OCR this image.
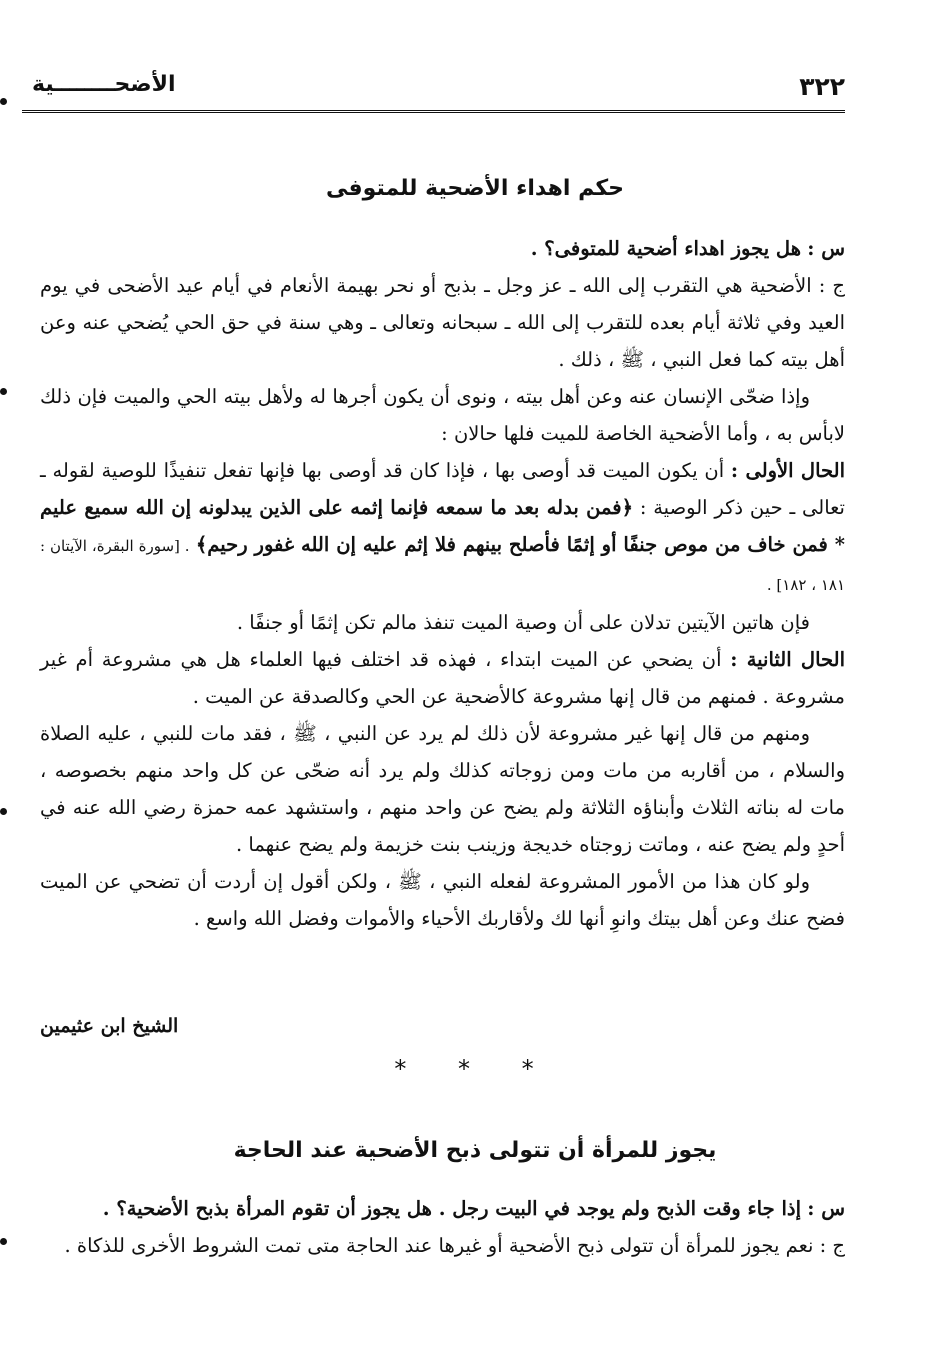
٣٢٢
الأضحــــــــية
حكم اهداء الأضحية للمتوفى

س : هل يجوز اهداء أضحية للمتوفى؟ .

ج : الأضحية هي التقرب إلى الله ـ عز وجل ـ بذبح أو نحر بهيمة الأنعام في أيام عيد الأضحى في يوم العيد وفي ثلاثة أيام بعده للتقرب إلى الله ـ سبحانه وتعالى ـ وهي سنة في حق الحي يُضحي عنه وعن أهل بيته كما فعل النبي ، ﷺ ، ذلك .

وإذا ضحّى الإنسان عنه وعن أهل بيته ، ونوى أن يكون أجرها له ولأهل بيته الحي والميت فإن ذلك لابأس به ، وأما الأضحية الخاصة للميت فلها حالان :

الحال الأولى : أن يكون الميت قد أوصى بها ، فإذا كان قد أوصى بها فإنها تفعل تنفيذًا للوصية لقوله ـ تعالى ـ حين ذكر الوصية : ﴿فمن بدله بعد ما سمعه فإنما إثمه على الذين يبدلونه إن الله سميع عليم * فمن خاف من موص جنفًا أو إثمًا فأصلح بينهم فلا إثم عليه إن الله غفور رحيم﴾ . [سورة البقرة، الآيتان : ١٨١ ، ١٨٢] .

فإن هاتين الآيتين تدلان على أن وصية الميت تنفذ مالم تكن إثمًا أو جنفًا .

الحال الثانية : أن يضحي عن الميت ابتداء ، فهذه قد اختلف فيها العلماء هل هي مشروعة أم غير مشروعة . فمنهم من قال إنها مشروعة كالأضحية عن الحي وكالصدقة عن الميت .

ومنهم من قال إنها غير مشروعة لأن ذلك لم يرد عن النبي ، ﷺ ، فقد مات للنبي ، عليه الصلاة والسلام ، من أقاربه من مات ومن زوجاته كذلك ولم يرد أنه ضحّى عن كل واحد منهم بخصوصه ، مات له بناته الثلاث وأبناؤه الثلاثة ولم يضح عن واحد منهم ، واستشهد عمه حمزة رضي الله عنه في أحدٍ ولم يضح عنه ، وماتت زوجتاه خديجة وزينب بنت خزيمة ولم يضح عنهما .

ولو كان هذا من الأمور المشروعة لفعله النبي ، ﷺ ، ولكن أقول إن أردت أن تضحي عن الميت فضح عنك وعن أهل بيتك وانوِ أنها لك ولأقاربك الأحياء والأموات وفضل الله واسع .

الشيخ ابن عثيمين
* * *
يجوز للمرأة أن تتولى ذبح الأضحية عند الحاجة

س : إذا جاء وقت الذبح ولم يوجد في البيت رجل . هل يجوز أن تقوم المرأة بذبح الأضحية؟ .

ج : نعم يجوز للمرأة أن تتولى ذبح الأضحية أو غيرها عند الحاجة متى تمت الشروط الأخرى للذكاة .
